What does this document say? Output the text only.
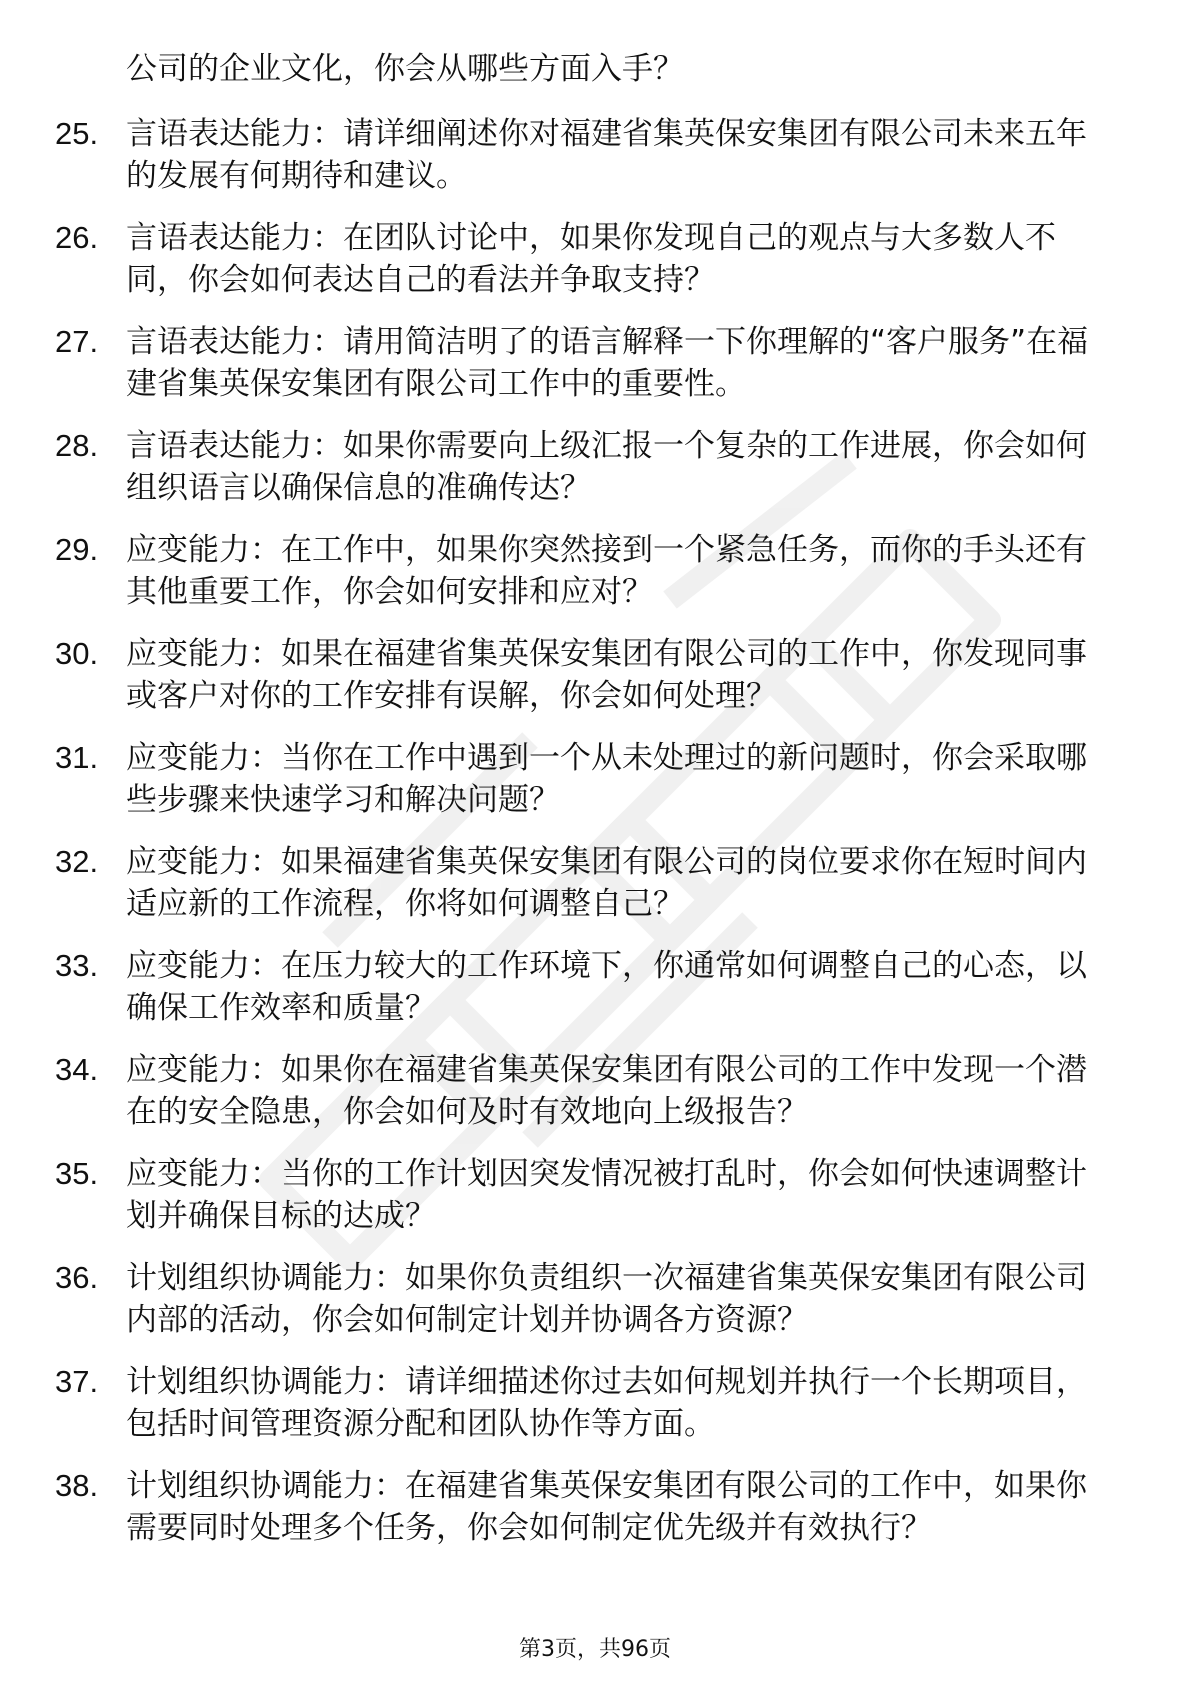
公司的企业文化，你会从哪些方面入手？
25. 言语表达能力：请详细阐述你对福建省集英保安集团有限公司未来五年的发展有何期待和建议。
26. 言语表达能力：在团队讨论中，如果你发现自己的观点与大多数人不同，你会如何表达自己的看法并争取支持？
27. 言语表达能力：请用简洁明了的语言解释一下你理解的“客户服务”在福建省集英保安集团有限公司工作中的重要性。
28. 言语表达能力：如果你需要向上级汇报一个复杂的工作进展，你会如何组织语言以确保信息的准确传达？
29. 应变能力：在工作中，如果你突然接到一个紧急任务，而你的手头还有其他重要工作，你会如何安排和应对？
30. 应变能力：如果在福建省集英保安集团有限公司的工作中，你发现同事或客户对你的工作安排有误解，你会如何处理？
31. 应变能力：当你在工作中遇到一个从未处理过的新问题时，你会采取哪些步骤来快速学习和解决问题？
32. 应变能力：如果福建省集英保安集团有限公司的岗位要求你在短时间内适应新的工作流程，你将如何调整自己？
33. 应变能力：在压力较大的工作环境下，你通常如何调整自己的心态，以确保工作效率和质量？
34. 应变能力：如果你在福建省集英保安集团有限公司的工作中发现一个潜在的安全隐患，你会如何及时有效地向上级报告？
35. 应变能力：当你的工作计划因突发情况被打乱时，你会如何快速调整计划并确保目标的达成？
36. 计划组织协调能力：如果你负责组织一次福建省集英保安集团有限公司内部的活动，你会如何制定计划并协调各方资源？
37. 计划组织协调能力：请详细描述你过去如何规划并执行一个长期项目，包括时间管理资源分配和团队协作等方面。
38. 计划组织协调能力：在福建省集英保安集团有限公司的工作中，如果你需要同时处理多个任务，你会如何制定优先级并有效执行？
第3页，共96页
